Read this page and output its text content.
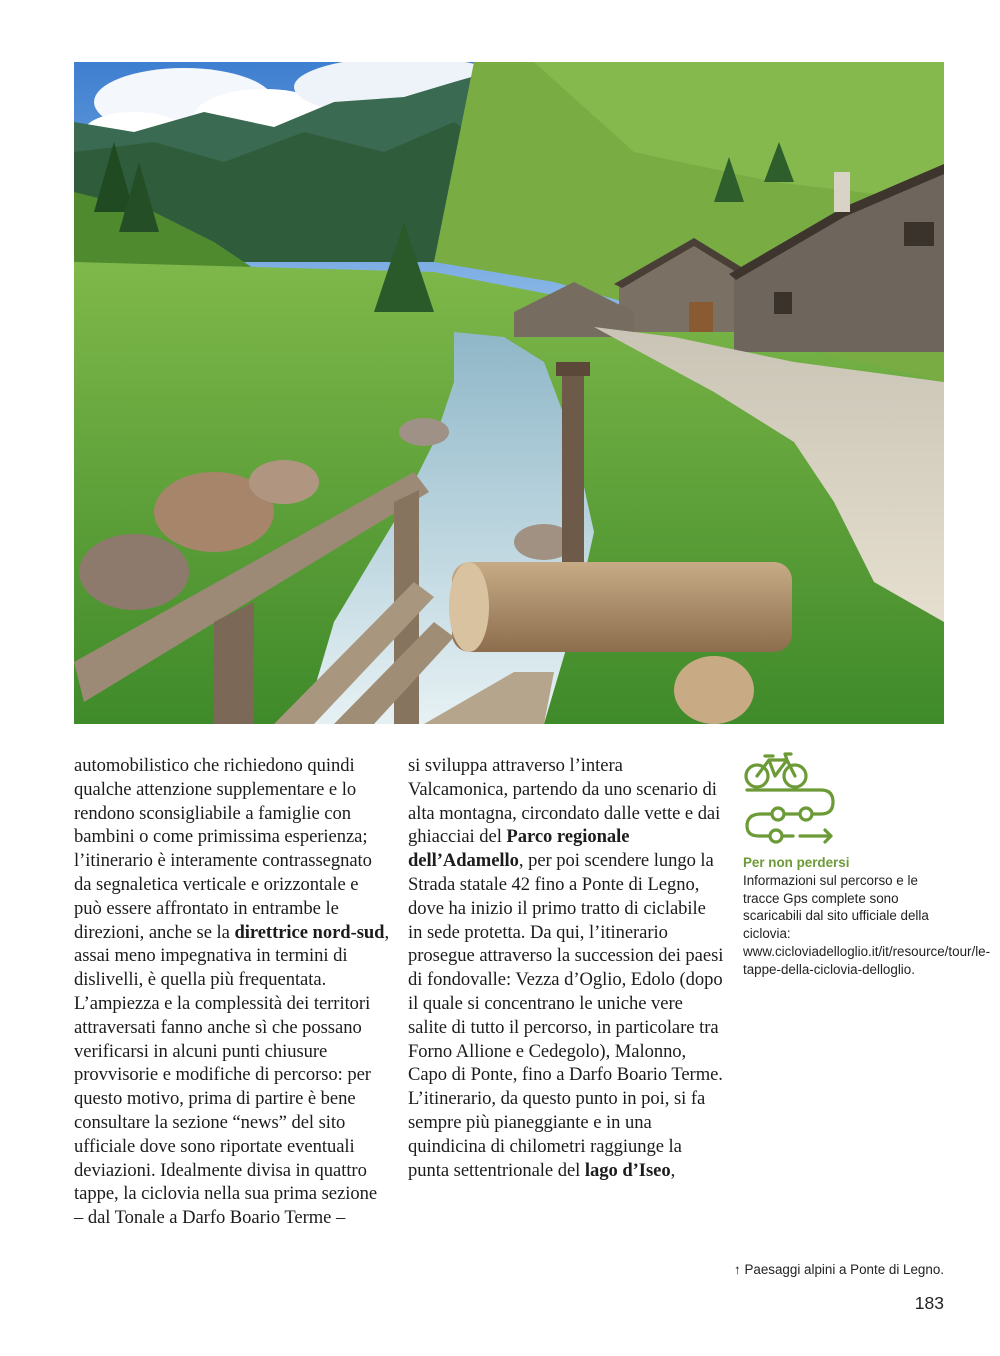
automobilistico che richiedono quindi qualche attenzione supplementare e lo rendono sconsigliabile a famiglie con bambini o come primissima esperienza; l’itinerario è interamente contrassegnato da segnaletica verticale e orizzontale e può essere affrontato in entrambe le direzioni, anche se la direttrice nord-sud, assai meno impegnativa in termini di dislivelli, è quella più frequentata. L’ampiezza e la complessità dei territori attraversati fanno anche sì che possano verificarsi in alcuni punti chiusure provvisorie e modifiche di percorso: per questo motivo, prima di partire è bene consultare la sezione “news” del sito ufficiale dove sono riportate eventuali deviazioni. Idealmente divisa in quattro tappe, la ciclovia nella sua prima sezione – dal Tonale a Darfo Boario Terme –

si sviluppa attraverso l’intera Valcamonica, partendo da uno scenario di alta montagna, circondato dalle vette e dai ghiacciai del Parco regionale dell’Adamello, per poi scendere lungo la Strada statale 42 fino a Ponte di Legno, dove ha inizio il primo tratto di ciclabile in sede protetta. Da qui, l’itinerario prosegue attraverso la succession dei paesi di fondovalle: Vezza d’Oglio, Edolo (dopo il quale si concentrano le uniche vere salite di tutto il percorso, in particolare tra Forno Allione e Cedegolo), Malonno, Capo di Ponte, fino a Darfo Boario Terme. L’itinerario, da questo punto in poi, si fa sempre più pianeggiante e in una quindicina di chilometri raggiunge la punta settentrionale del lago d’Iseo,

Per non perdersi

Informazioni sul percorso e le tracce Gps complete sono scaricabili dal sito ufficiale della ciclovia: www.cicloviadelloglio.it/it/resource/tour/le-tappe-della-ciclovia-delloglio.

↑ Paesaggi alpini a Ponte di Legno.
183
